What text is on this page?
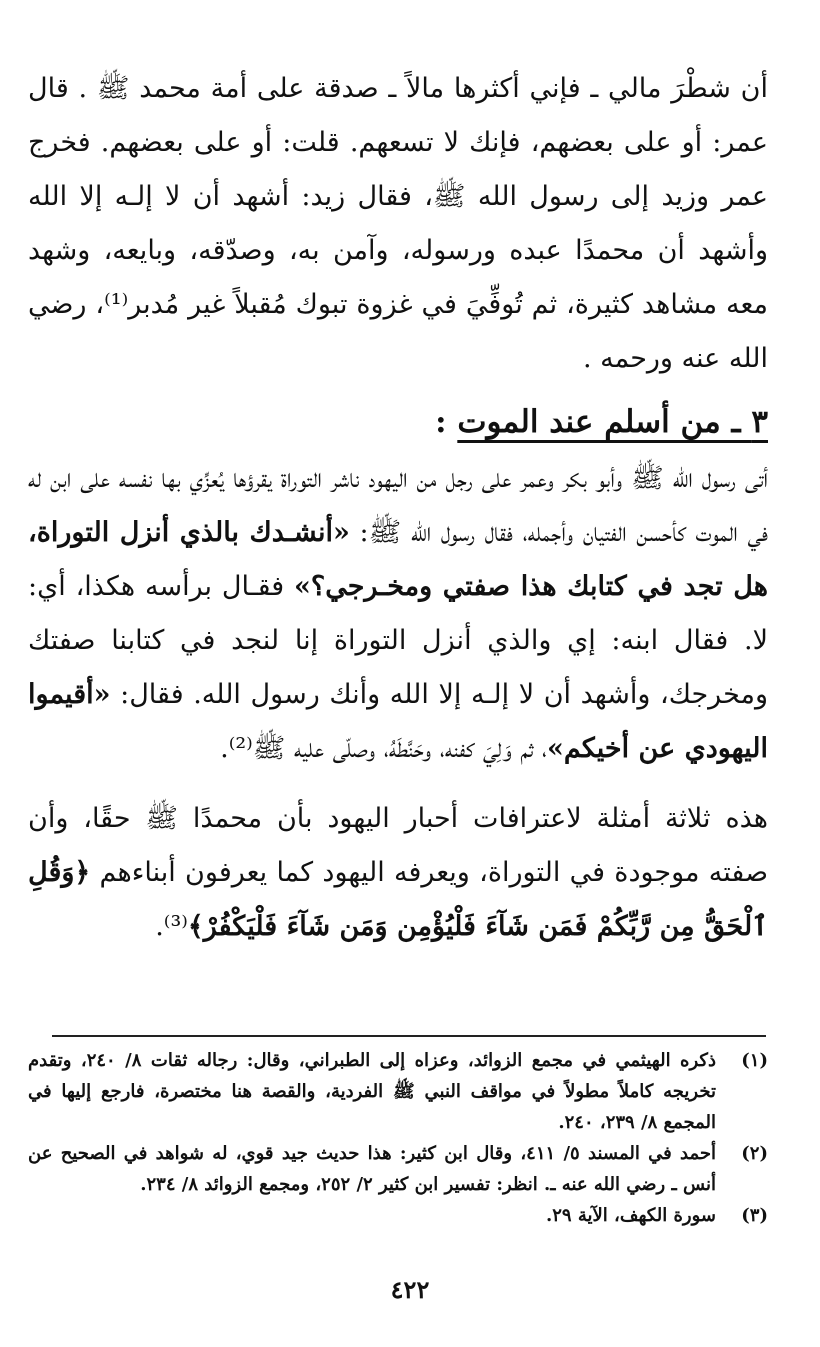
أن شطْرَ مالي ـ فإني أكثرها مالاً ـ صدقة على أمة محمد ﷺ . قال عمر: أو على بعضهم، فإنك لا تسعهم. قلت: أو على بعضهم. فخرج عمر وزيد إلى رسول الله ﷺ، فقال زيد: أشهد أن لا إلـه إلا الله وأشهد أن محمدًا عبده ورسوله، وآمن به، وصدّقه، وبايعه، وشهد معه مشاهد كثيرة، ثم تُوفِّيَ في غزوة تبوك مُقبلاً غير مُدبر⁽¹⁾، رضي الله عنه ورحمه .

٣ ـ من أسلم عند الموت :

أتى رسول الله ﷺ وأبو بكر وعمر على رجل من اليهود ناشر التوراة يقرؤها يُعزِّي بها نفسه على ابن له في الموت كأحسن الفتيان وأجمله، فقال رسول الله ﷺ: «أنشـدك بالذي أنزل التوراة، هل تجد في كتابك هذا صفتي ومخـرجي؟» فقـال برأسه هكذا، أي: لا. فقال ابنه: إي والذي أنزل التوراة إنا لنجد في كتابنا صفتك ومخرجك، وأشهد أن لا إلـه إلا الله وأنك رسول الله. فقال: «أقيموا اليهودي عن أخيكم»، ثم وَلِيَ كفنه، وحَنَّطَهُ، وصلّى عليه ﷺ⁽²⁾.

هذه ثلاثة أمثلة لاعترافات أحبار اليهود بأن محمدًا ﷺ حقًا، وأن صفته موجودة في التوراة، ويعرفه اليهود كما يعرفون أبناءهم ﴿وَقُلِ ٱلْحَقُّ مِن رَّبِّكُمْ فَمَن شَآءَ فَلْيُؤْمِن وَمَن شَآءَ فَلْيَكْفُرْ﴾⁽³⁾.

(١)
ذكره الهيثمي في مجمع الزوائد، وعزاه إلى الطبراني، وقال: رجاله ثقات ٨/ ٢٤٠، وتقدم تخريجه كاملاً مطولاً في مواقف النبي ﷺ الفردية، والقصة هنا مختصرة، فارجع إليها في المجمع ٨/ ٢٣٩، ٢٤٠.
(٢)
أحمد في المسند ٥/ ٤١١، وقال ابن كثير: هذا حديث جيد قوي، له شواهد في الصحيح عن أنس ـ رضي الله عنه ـ. انظر: تفسير ابن كثير ٢/ ٢٥٢، ومجمع الزوائد ٨/ ٢٣٤.
(٣)
سورة الكهف، الآية ٢٩.
٤٢٢
